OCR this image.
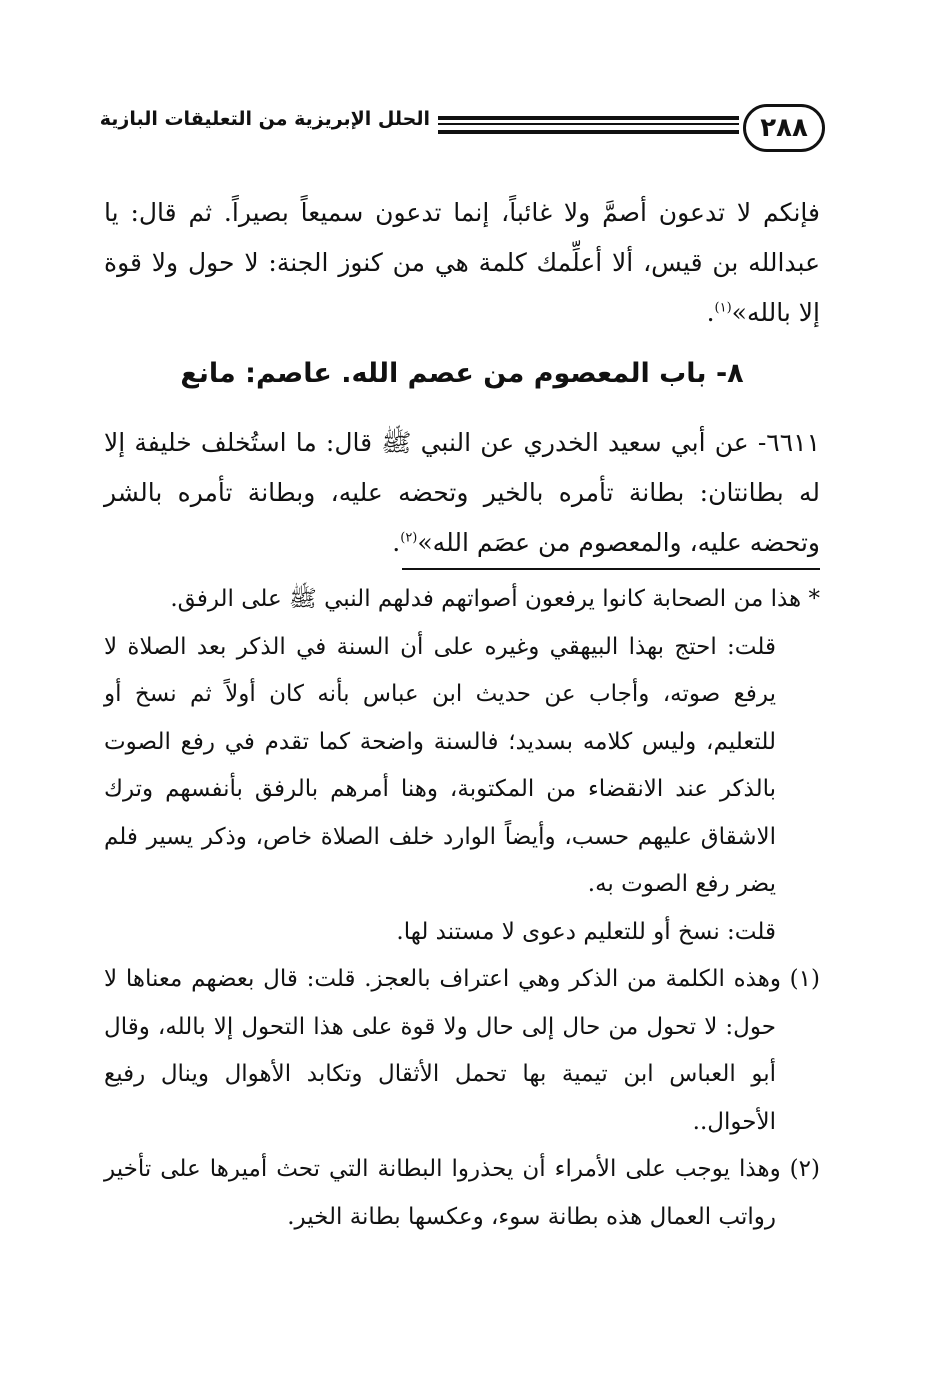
٢٨٨
الحلل الإبريزية من التعليقات البازية

فإنكم لا تدعون أصمَّ ولا غائباً، إنما تدعون سميعاً بصيراً. ثم قال: يا عبدالله بن قيس، ألا أعلِّمك كلمة هي من كنوز الجنة: لا حول ولا قوة إلا بالله»$^{(١)}$.

٨- باب المعصوم من عصم الله. عاصم: مانع

٦٦١١- عن أبي سعيد الخدري عن النبي ﷺ قال: ما استُخلف خليفة إلا له بطانتان: بطانة تأمره بالخير وتحضه عليه، وبطانة تأمره بالشر وتحضه عليه، والمعصوم من عصَم الله»$^{(٢)}$.

* هذا من الصحابة كانوا يرفعون أصواتهم فدلهم النبي ﷺ على الرفق.

قلت: احتج بهذا البيهقي وغيره على أن السنة في الذكر بعد الصلاة لا يرفع صوته، وأجاب عن حديث ابن عباس بأنه كان أولاً ثم نسخ أو للتعليم، وليس كلامه بسديد؛ فالسنة واضحة كما تقدم في رفع الصوت بالذكر عند الانقضاء من المكتوبة، وهنا أمرهم بالرفق بأنفسهم وترك الاشقاق عليهم حسب، وأيضاً الوارد خلف الصلاة خاص، وذكر يسير فلم يضر رفع الصوت به.

قلت: نسخ أو للتعليم دعوى لا مستند لها.

(١) وهذه الكلمة من الذكر وهي اعتراف بالعجز. قلت: قال بعضهم معناها لا حول: لا تحول من حال إلى حال ولا قوة على هذا التحول إلا بالله، وقال أبو العباس ابن تيمية بها تحمل الأثقال وتكابد الأهوال وينال رفيع الأحوال..

(٢) وهذا يوجب على الأمراء أن يحذروا البطانة التي تحث أميرها على تأخير رواتب العمال هذه بطانة سوء، وعكسها بطانة الخير.
